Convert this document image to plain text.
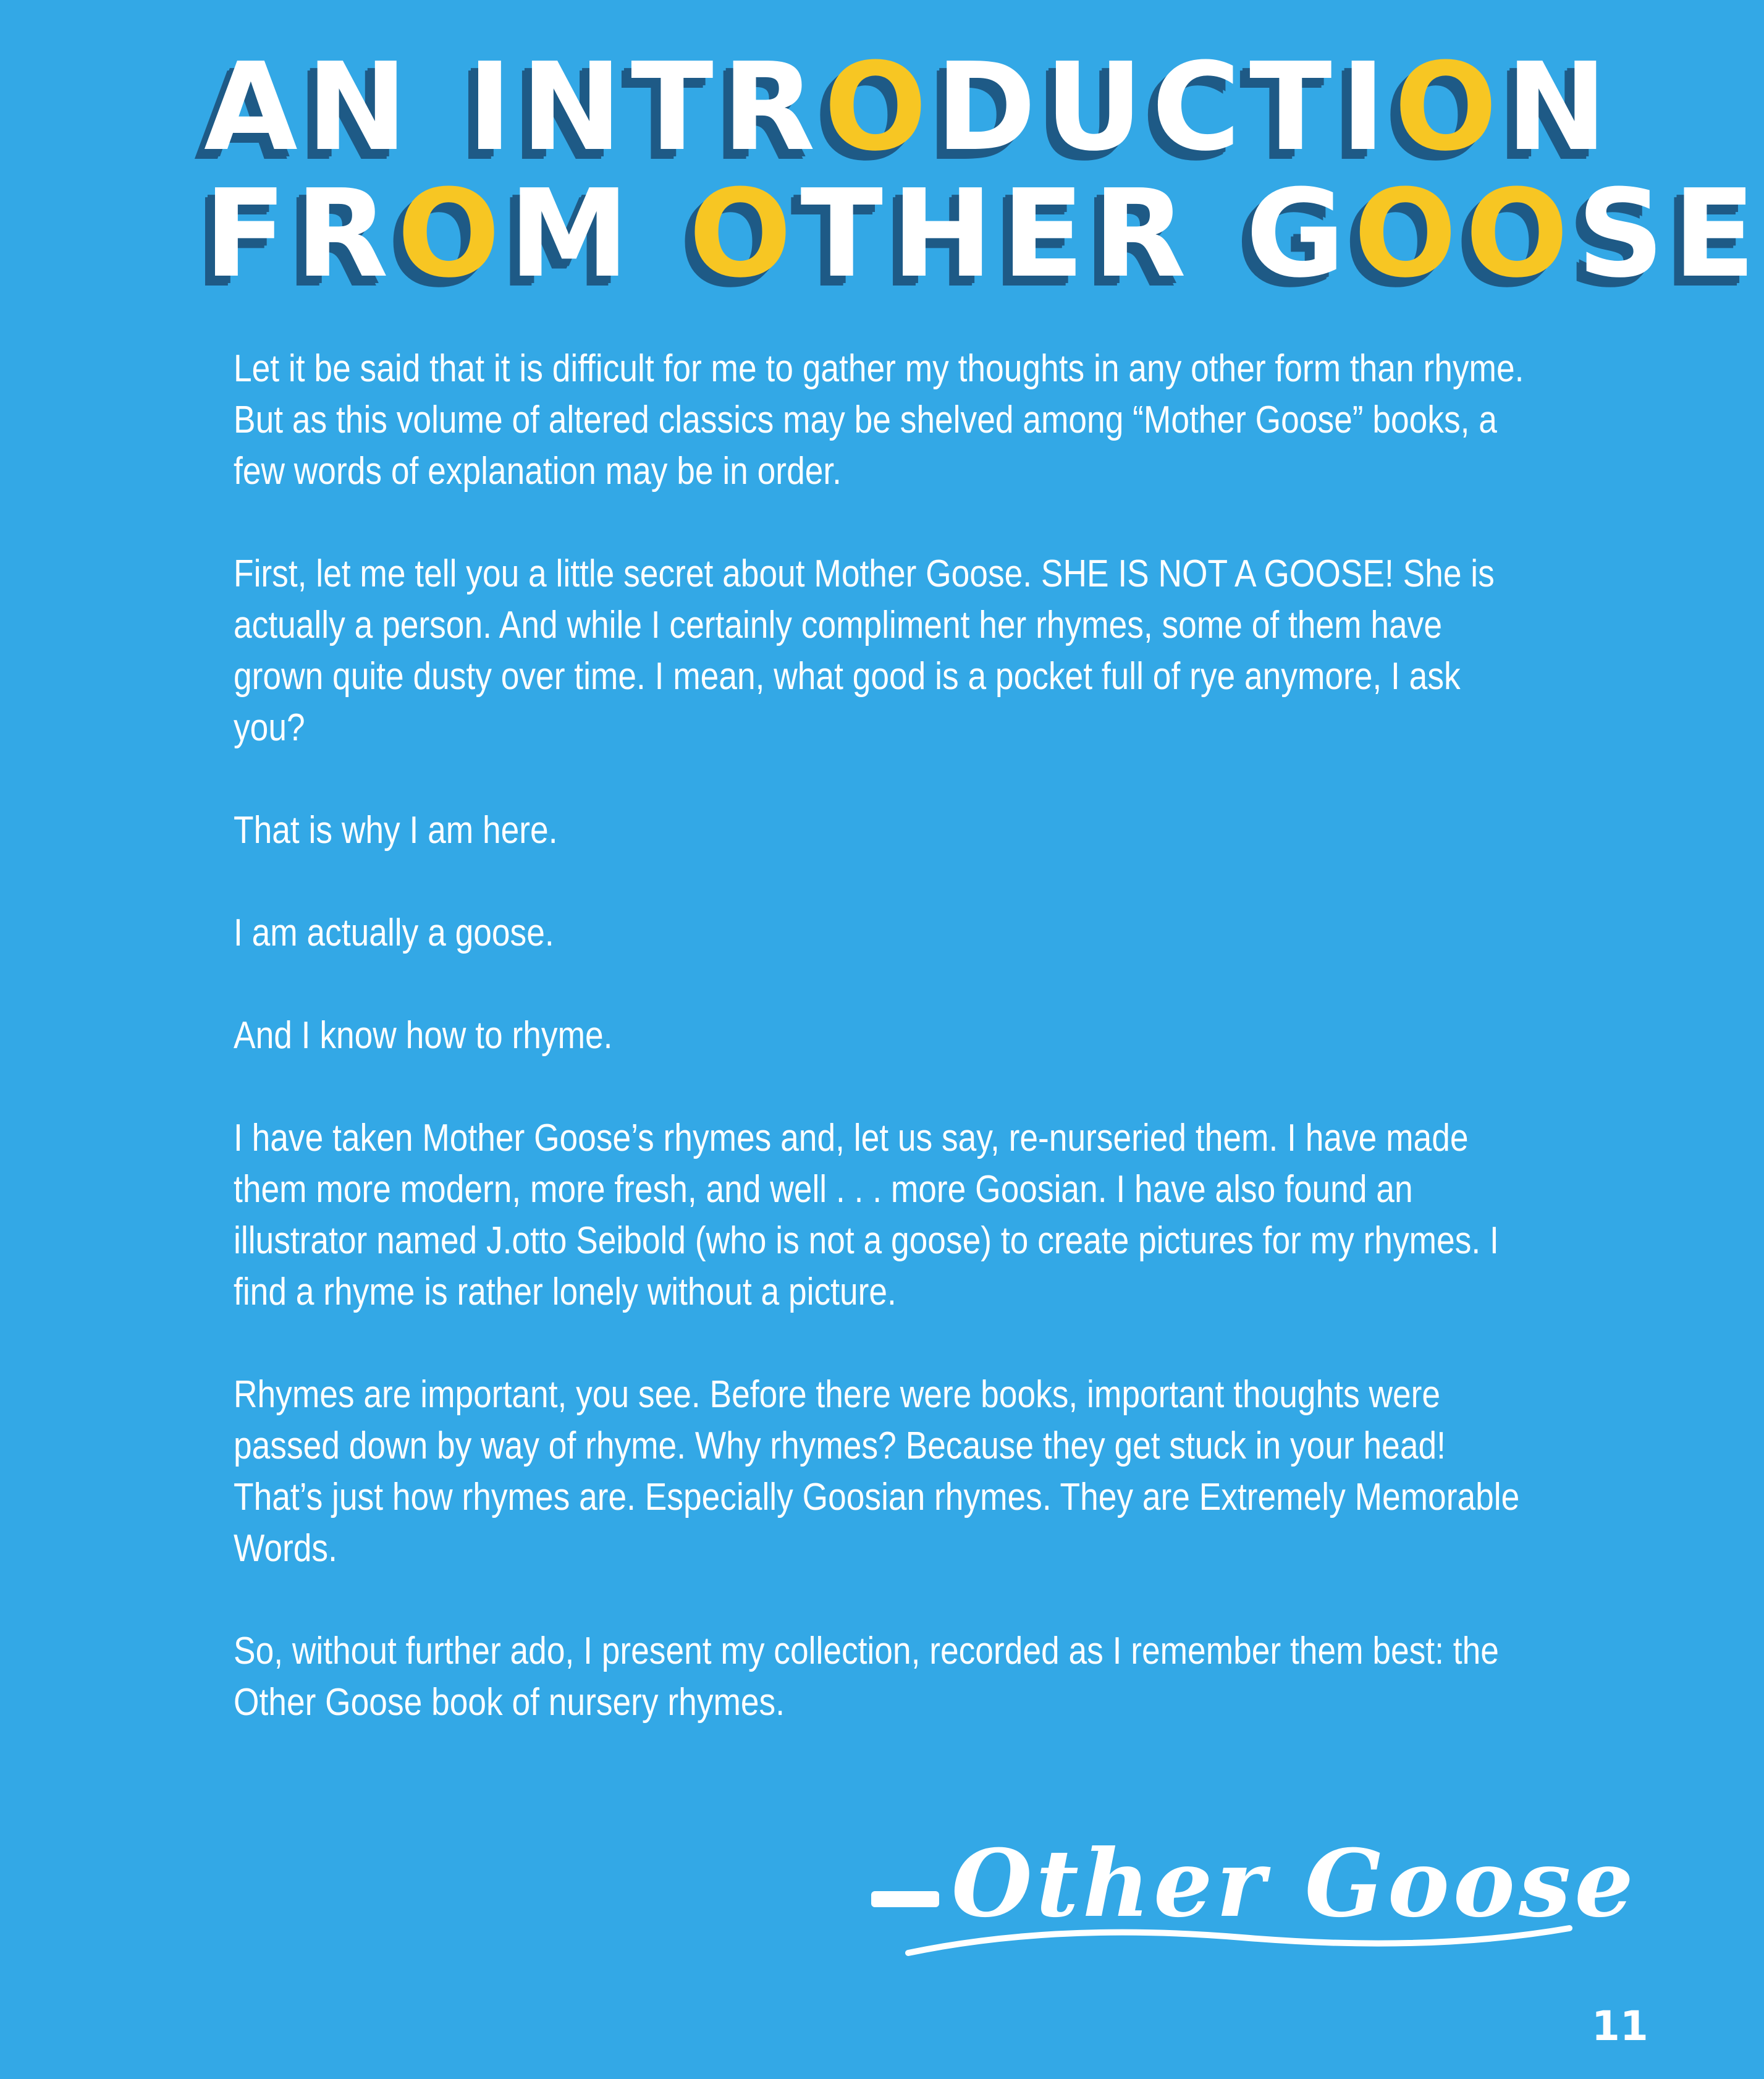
AN INTRODUCTION
FROM OTHER GOOSE

Let it be said that it is difficult for me to gather my thoughts in any other form than rhyme. But as this volume of altered classics may be shelved among “Mother Goose” books, a few words of explanation may be in order.

First, let me tell you a little secret about Mother Goose. SHE IS NOT A GOOSE! She is actually a person. And while I certainly compliment her rhymes, some of them have grown quite dusty over time. I mean, what good is a pocket full of rye anymore, I ask you?

That is why I am here.

I am actually a goose.

And I know how to rhyme.

I have taken Mother Goose’s rhymes and, let us say, re-nurseried them. I have made them more modern, more fresh, and well . . . more Goosian. I have also found an illustrator named J.otto Seibold (who is not a goose) to create pictures for my rhymes. I find a rhyme is rather lonely without a picture.

Rhymes are important, you see. Before there were books, important thoughts were passed down by way of rhyme. Why rhymes? Because they get stuck in your head! That’s just how rhymes are. Especially Goosian rhymes. They are Extremely Memorable Words.

So, without further ado, I present my collection, recorded as I remember them best: the Other Goose book of nursery rhymes.

Other Goose
11
